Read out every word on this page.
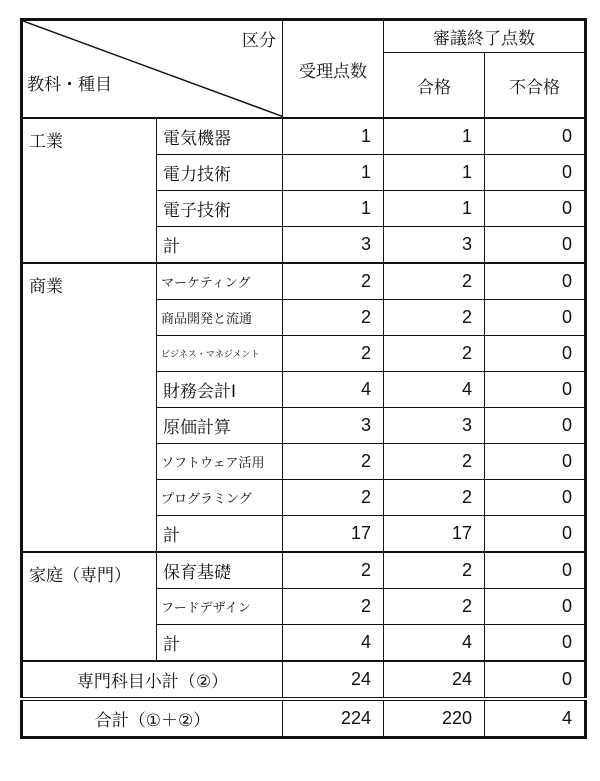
区分
教科・種目		受理点数	審議終了点数	
			合格	不合格
工業	電気機器	1	1	0
	電力技術	1	1	0
	電子技術	1	1	0
	計	3	3	0
商業	マーケティング	2	2	0
	商品開発と流通	2	2	0
	ビジネス・マネジメント	2	2	0
	財務会計Ⅰ	4	4	0
	原価計算	3	3	0
	ソフトウェア活用	2	2	0
	プログラミング	2	2	0
	計	17	17	0
家庭（専門）	保育基礎	2	2	0
	フードデザイン	2	2	0
	計	4	4	0
専門科目小計（②）		24	24	0
合計（①＋②）		224	220	4
